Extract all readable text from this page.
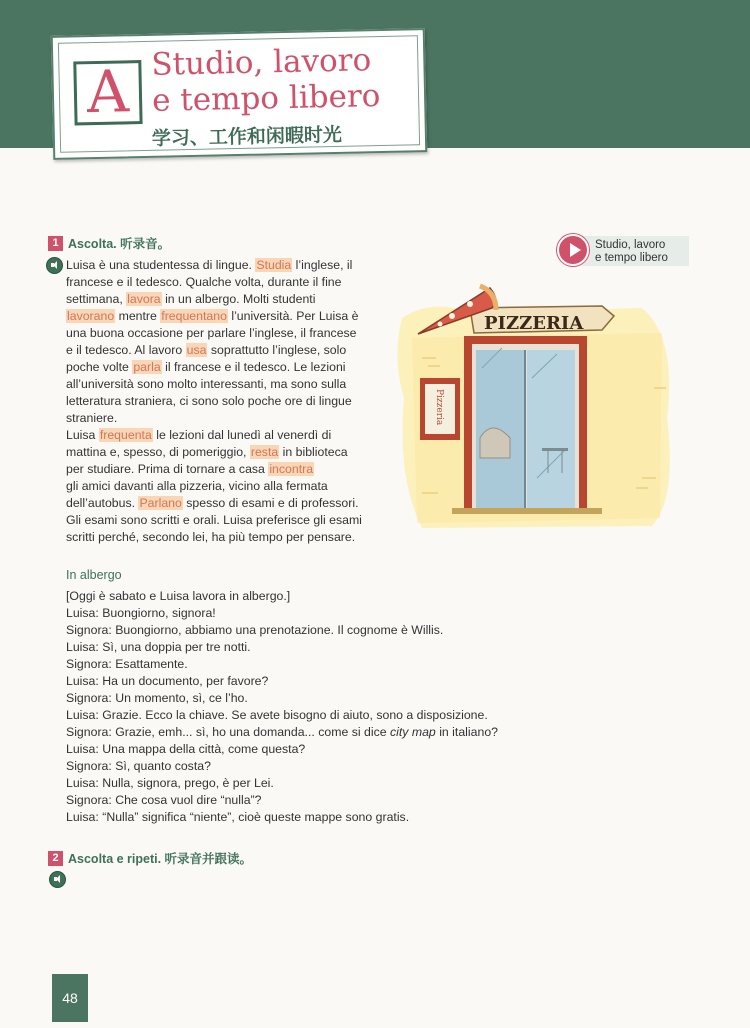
A Studio, lavoro
e tempo libero
学习、工作和闲暇时光
1 Ascolta. 听录音。

Luisa è una studentessa di lingue. Studia l’inglese, il

francese e il tedesco. Qualche volta, durante il fine

settimana, lavora in un albergo. Molti studenti

lavorano mentre frequentano l’università. Per Luisa è

una buona occasione per parlare l’inglese, il francese

e il tedesco. Al lavoro usa soprattutto l’inglese, solo

poche volte parla il francese e il tedesco. Le lezioni

all’università sono molto interessanti, ma sono sulla

letteratura straniera, ci sono solo poche ore di lingue

straniere.

Luisa frequenta le lezioni dal lunedì al venerdì di

mattina e, spesso, di pomeriggio, resta in biblioteca

per studiare. Prima di tornare a casa incontra

gli amici davanti alla pizzeria, vicino alla fermata

dell’autobus. Parlano spesso di esami e di professori.

Gli esami sono scritti e orali. Luisa preferisce gli esami

scritti perché, secondo lei, ha più tempo per pensare.

Studio, lavoro
e tempo libero
PIZZERIA
Pizzeria
In albergo

[Oggi è sabato e Luisa lavora in albergo.]

Luisa: Buongiorno, signora!

Signora: Buongiorno, abbiamo una prenotazione. Il cognome è Willis.

Luisa: Sì, una doppia per tre notti.

Signora: Esattamente.

Luisa: Ha un documento, per favore?

Signora: Un momento, sì, ce l’ho.

Luisa: Grazie. Ecco la chiave. Se avete bisogno di aiuto, sono a disposizione.

Signora: Grazie, emh... sì, ho una domanda... come si dice city map in italiano?

Luisa: Una mappa della città, come questa?

Signora: Sì, quanto costa?

Luisa: Nulla, signora, prego, è per Lei.

Signora: Che cosa vuol dire “nulla”?

Luisa: “Nulla” significa “niente”, cioè queste mappe sono gratis.

2 Ascolta e ripeti. 听录音并跟读。
48
